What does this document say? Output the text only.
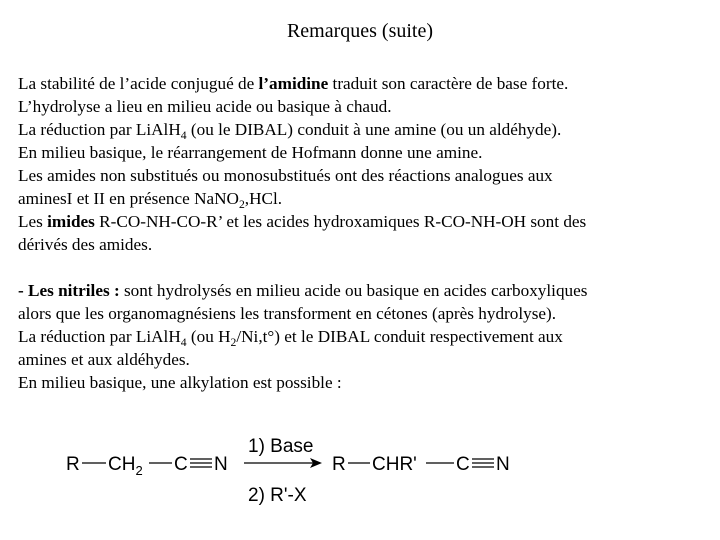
Remarques (suite)
La stabilité de l’acide conjugué de l’amidine traduit son caractère de base forte.
L’hydrolyse a lieu en milieu acide ou basique à chaud.
La réduction par LiAlH$_4$ (ou le DIBAL) conduit à une amine (ou un aldéhyde).
En milieu basique, le réarrangement de Hofmann donne une amine.
Les amides non substitués ou monosubstitués ont des réactions analogues aux
aminesI et II en présence NaNO$_2$,HCl.
Les imides R-CO-NH-CO-R’ et les acides hydroxamiques R-CO-NH-OH sont des
dérivés des amides.
- Les nitriles : sont hydrolysés en milieu acide ou basique en acides carboxyliques
alors que les organomagnésiens les transforment en cétones (après hydrolyse).
La réduction par LiAlH$_4$ (ou $H_2/Ni,t^\circ$) et le DIBAL conduit respectivement aux
amines et aux aldéhydes.
En milieu basique, une alkylation est possible :
R $CH_2$ C N
1) Base
2) R'-X
R CHR' C N
